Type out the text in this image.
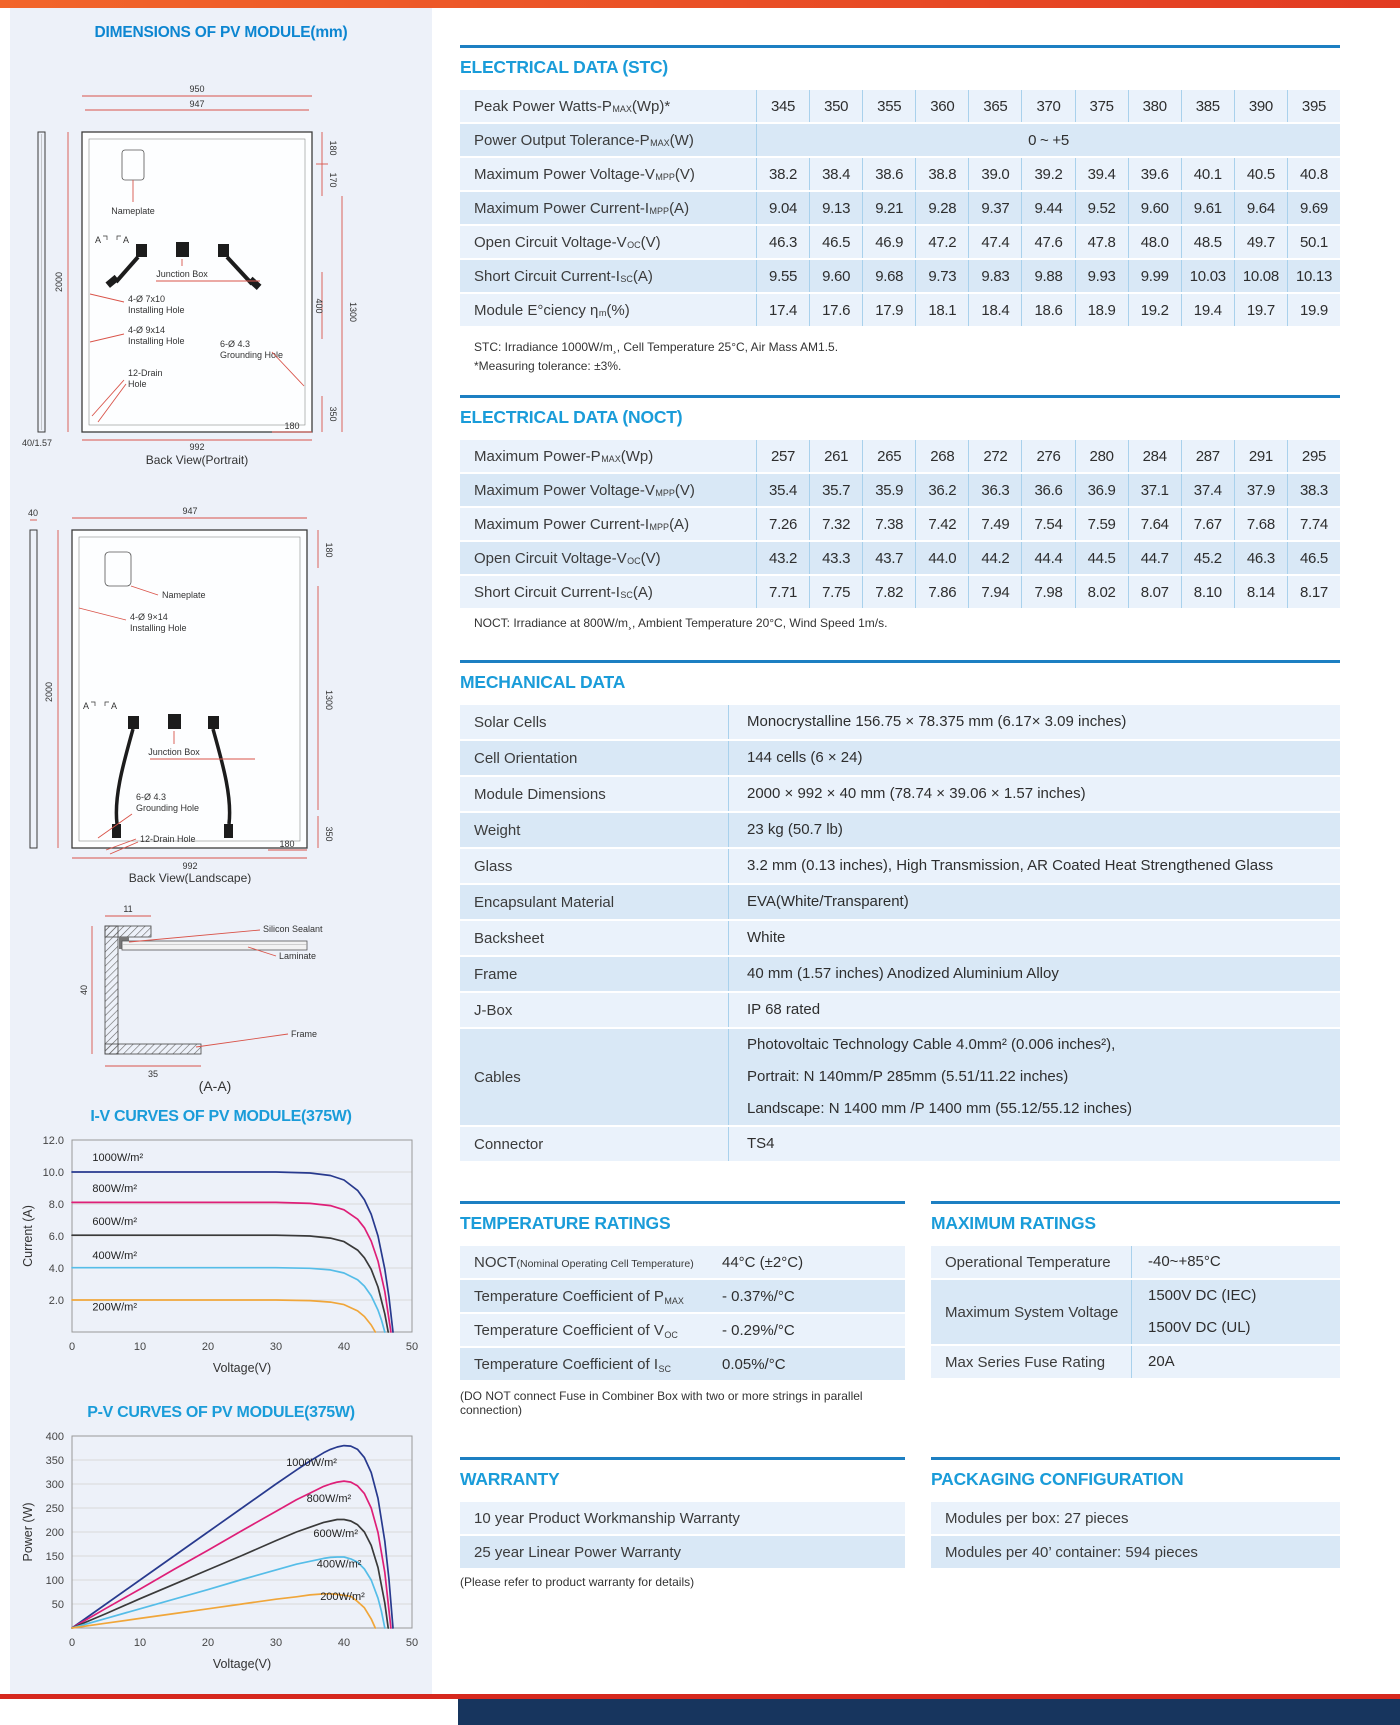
DIMENSIONS OF PV MODULE(mm)
Nameplate
A A
Junction Box
4-Ø 7x10
Installing Hole
4-Ø 9x14
Installing Hole	6-Ø 4.3
Grounding Hole
12-Drain
Hole
950
947
2000
180
170
1300
400
350
992
180
40/1.57
Back View(Portrait)
40
Nameplate
4-Ø 9×14
Installing Hole
A A
Junction Box
6-Ø 4.3
Grounding Hole
12-Drain Hole
947
2000
180
1300
350
992
180
Back View(Landscape)
11
40
35
Silicon Sealant
Laminate
Frame
(A-A)
I-V CURVES OF PV MODULE(375W)
0	10	20	30	40	50
2.0
4.0
6.0
8.0
10.0
12.0
Voltage(V)
Current (A)
1000W/m²
800W/m²
600W/m²
400W/m²
200W/m²
P-V CURVES OF PV MODULE(375W)
0	10	20	30	40	50
50
100
150
200
250
300
350
400
Voltage(V)
Power (W)
1000W/m²
800W/m²
600W/m²
400W/m²
200W/m²
ELECTRICAL DATA (STC)
Peak Power Watts-P MAX (Wp)*	345	350	355	360	365	370	375	380	385	390	395
Power Output Tolerance-P MAX (W)	0 ~ +5
Maximum Power Voltage-V MPP (V)	38.2	38.4	38.6	38.8	39.0	39.2	39.4	39.6	40.1	40.5	40.8
Maximum Power Current-I MPP (A)	9.04	9.13	9.21	9.28	9.37	9.44	9.52	9.60	9.61	9.64	9.69
Open Circuit Voltage-V OC (V)	46.3	46.5	46.9	47.2	47.4	47.6	47.8	48.0	48.5	49.7	50.1
Short Circuit Current-I SC (A)	9.55	9.60	9.68	9.73	9.83	9.88	9.93	9.99	10.03	10.08	10.13
Module E°ciency η m (%)	17.4	17.6	17.9	18.1	18.4	18.6	18.9	19.2	19.4	19.7	19.9
STC: Irradiance 1000W/m¸, Cell Temperature 25°C, Air Mass AM1.5.
*Measuring tolerance: ±3%.
ELECTRICAL DATA (NOCT)
Maximum Power-P MAX (Wp)	257	261	265	268	272	276	280	284	287	291	295
Maximum Power Voltage-V MPP (V)	35.4	35.7	35.9	36.2	36.3	36.6	36.9	37.1	37.4	37.9	38.3
Maximum Power Current-I MPP (A)	7.26	7.32	7.38	7.42	7.49	7.54	7.59	7.64	7.67	7.68	7.74
Open Circuit Voltage-V OC (V)	43.2	43.3	43.7	44.0	44.2	44.4	44.5	44.7	45.2	46.3	46.5
Short Circuit Current-I SC (A)	7.71	7.75	7.82	7.86	7.94	7.98	8.02	8.07	8.10	8.14	8.17
NOCT: Irradiance at 800W/m¸, Ambient Temperature 20°C, Wind Speed 1m/s.
MECHANICAL DATA
Solar Cells	Monocrystalline 156.75 × 78.375 mm (6.17× 3.09 inches)
Cell Orientation	144 cells (6 × 24)
Module Dimensions	2000 × 992 × 40 mm (78.74 × 39.06 × 1.57 inches)
Weight	23 kg (50.7 lb)
Glass	3.2 mm (0.13 inches), High Transmission, AR Coated Heat Strengthened Glass
Encapsulant Material	EVA(White/Transparent)
Backsheet	White
Frame	40 mm (1.57 inches) Anodized Aluminium Alloy
J-Box	IP 68 rated
Cables
Photovoltaic Technology Cable 4.0mm² (0.006 inches²),
Portrait: N 140mm/P 285mm (5.51/11.22 inches)
Landscape: N 1400 mm /P 1400 mm (55.12/55.12 inches)
Connector	TS4
TEMPERATURE RATINGS
NOCT(Nominal Operating Cell Temperature)	44°C (±2°C)
Temperature Coefficient of $P_{MAX}$	- 0.37%/°C
Temperature Coefficient of $V_{OC}$	- 0.29%/°C
Temperature Coefficient of $I_{SC}$	0.05%/°C
(DO NOT connect Fuse in Combiner Box with two or more strings in parallel connection)
MAXIMUM RATINGS
Operational Temperature	-40~+85°C
Maximum System Voltage
1500V DC (IEC)
1500V DC (UL)
Max Series Fuse Rating	20A
WARRANTY
10 year Product Workmanship Warranty
25 year Linear Power Warranty
(Please refer to product warranty for details)
PACKAGING CONFIGURATION
Modules per box: 27 pieces
Modules per 40’ container: 594 pieces
